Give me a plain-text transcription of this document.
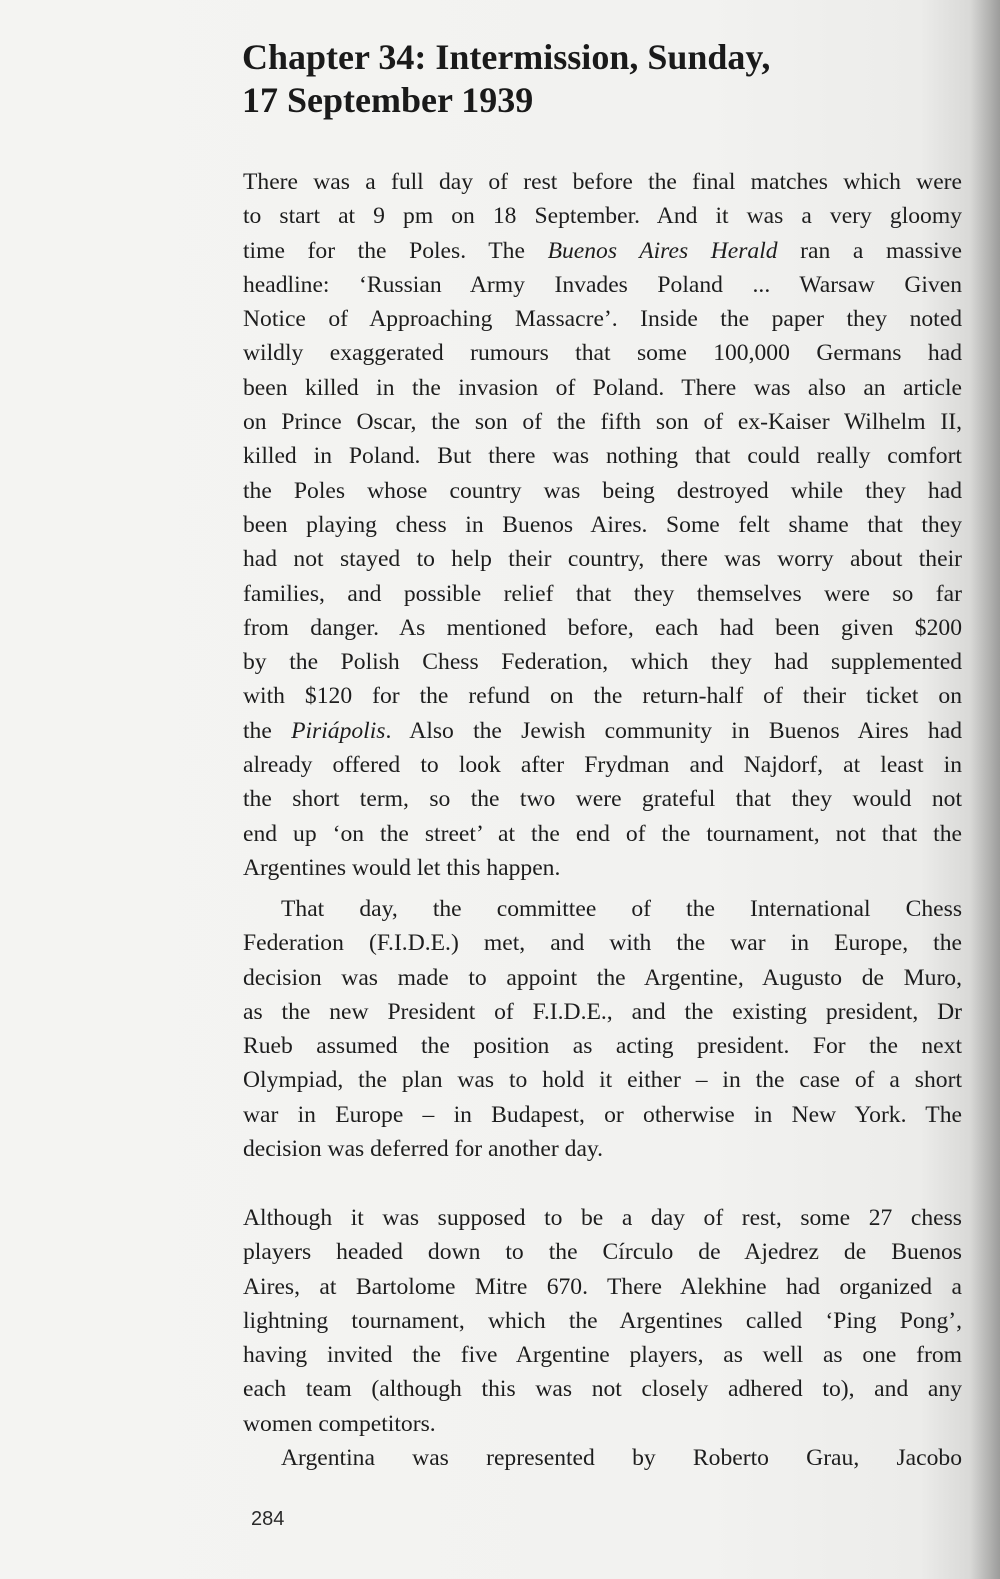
Chapter 34: Intermission, Sunday,
17 September 1939
There was a full day of rest before the final matches which were
to start at 9 pm on 18 September. And it was a very gloomy
time for the Poles. The Buenos Aires Herald ran a massive
headline: ‘Russian Army Invades Poland ... Warsaw Given
Notice of Approaching Massacre’. Inside the paper they noted
wildly exaggerated rumours that some 100,000 Germans had
been killed in the invasion of Poland. There was also an article
on Prince Oscar, the son of the fifth son of ex-Kaiser Wilhelm II,
killed in Poland. But there was nothing that could really comfort
the Poles whose country was being destroyed while they had
been playing chess in Buenos Aires. Some felt shame that they
had not stayed to help their country, there was worry about their
families, and possible relief that they themselves were so far
from danger. As mentioned before, each had been given $200
by the Polish Chess Federation, which they had supplemented
with $120 for the refund on the return-half of their ticket on
the Piriápolis. Also the Jewish community in Buenos Aires had
already offered to look after Frydman and Najdorf, at least in
the short term, so the two were grateful that they would not
end up ‘on the street’ at the end of the tournament, not that the
Argentines would let this happen.
That day, the committee of the International Chess
Federation (F.I.D.E.) met, and with the war in Europe, the
decision was made to appoint the Argentine, Augusto de Muro,
as the new President of F.I.D.E., and the existing president, Dr
Rueb assumed the position as acting president. For the next
Olympiad, the plan was to hold it either – in the case of a short
war in Europe – in Budapest, or otherwise in New York. The
decision was deferred for another day.
Although it was supposed to be a day of rest, some 27 chess
players headed down to the Círculo de Ajedrez de Buenos
Aires, at Bartolome Mitre 670. There Alekhine had organized a
lightning tournament, which the Argentines called ‘Ping Pong’,
having invited the five Argentine players, as well as one from
each team (although this was not closely adhered to), and any
women competitors.
Argentina was represented by Roberto Grau, Jacobo
284
